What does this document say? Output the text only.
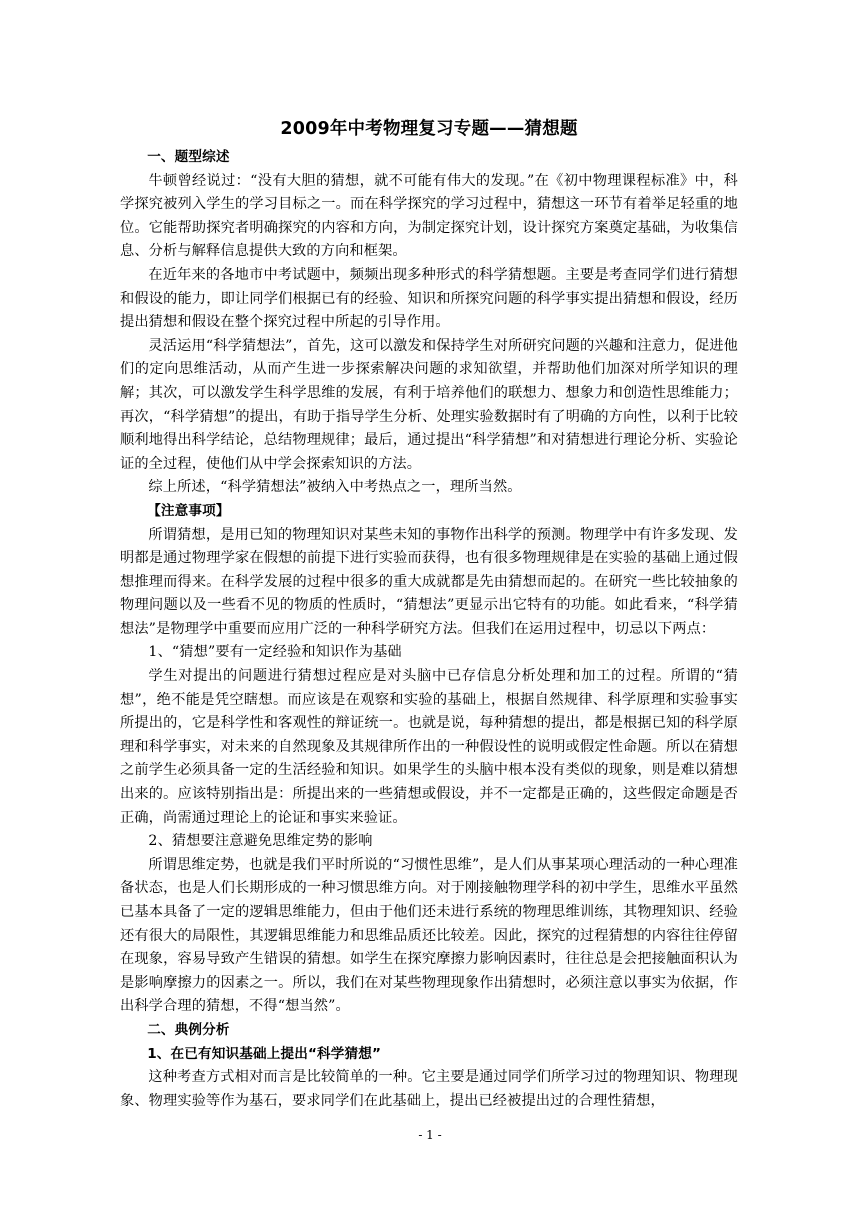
2009年中考物理复习专题——猜想题

一、题型综述

牛顿曾经说过：“没有大胆的猜想，就不可能有伟大的发现。”在《初中物理课程标准》中，科学探究被列入学生的学习目标之一。而在科学探究的学习过程中，猜想这一环节有着举足轻重的地位。它能帮助探究者明确探究的内容和方向，为制定探究计划，设计探究方案奠定基础，为收集信息、分析与解释信息提供大致的方向和框架。

在近年来的各地市中考试题中，频频出现多种形式的科学猜想题。主要是考查同学们进行猜想和假设的能力，即让同学们根据已有的经验、知识和所探究问题的科学事实提出猜想和假设，经历提出猜想和假设在整个探究过程中所起的引导作用。

灵活运用“科学猜想法”，首先，这可以激发和保持学生对所研究问题的兴趣和注意力，促进他们的定向思维活动，从而产生进一步探索解决问题的求知欲望，并帮助他们加深对所学知识的理解；其次，可以激发学生科学思维的发展，有利于培养他们的联想力、想象力和创造性思维能力；再次，“科学猜想”的提出，有助于指导学生分析、处理实验数据时有了明确的方向性，以利于比较顺利地得出科学结论，总结物理规律；最后，通过提出“科学猜想”和对猜想进行理论分析、实验论证的全过程，使他们从中学会探索知识的方法。

综上所述，“科学猜想法”被纳入中考热点之一，理所当然。

【注意事项】

所谓猜想，是用已知的物理知识对某些未知的事物作出科学的预测。物理学中有许多发现、发明都是通过物理学家在假想的前提下进行实验而获得，也有很多物理规律是在实验的基础上通过假想推理而得来。在科学发展的过程中很多的重大成就都是先由猜想而起的。在研究一些比较抽象的物理问题以及一些看不见的物质的性质时，“猜想法”更显示出它特有的功能。如此看来，“科学猜想法”是物理学中重要而应用广泛的一种科学研究方法。但我们在运用过程中，切忌以下两点：

1、“猜想”要有一定经验和知识作为基础

学生对提出的问题进行猜想过程应是对头脑中已存信息分析处理和加工的过程。所谓的“猜想”，绝不能是凭空瞎想。而应该是在观察和实验的基础上，根据自然规律、科学原理和实验事实所提出的，它是科学性和客观性的辩证统一。也就是说，每种猜想的提出，都是根据已知的科学原理和科学事实，对未来的自然现象及其规律所作出的一种假设性的说明或假定性命题。所以在猜想之前学生必须具备一定的生活经验和知识。如果学生的头脑中根本没有类似的现象，则是难以猜想出来的。应该特别指出是：所提出来的一些猜想或假设，并不一定都是正确的，这些假定命题是否正确，尚需通过理论上的论证和事实来验证。

2、猜想要注意避免思维定势的影响

所谓思维定势，也就是我们平时所说的“习惯性思维”，是人们从事某项心理活动的一种心理准备状态，也是人们长期形成的一种习惯思维方向。对于刚接触物理学科的初中学生，思维水平虽然已基本具备了一定的逻辑思维能力，但由于他们还未进行系统的物理思维训练，其物理知识、经验还有很大的局限性，其逻辑思维能力和思维品质还比较差。因此，探究的过程猜想的内容往往停留在现象，容易导致产生错误的猜想。如学生在探究摩擦力影响因素时，往往总是会把接触面积认为是影响摩擦力的因素之一。所以，我们在对某些物理现象作出猜想时，必须注意以事实为依据，作出科学合理的猜想，不得“想当然”。

二、典例分析

1、在已有知识基础上提出“科学猜想”

这种考查方式相对而言是比较简单的一种。它主要是通过同学们所学习过的物理知识、物理现象、物理实验等作为基石，要求同学们在此基础上，提出已经被提出过的合理性猜想，

- 1 -
